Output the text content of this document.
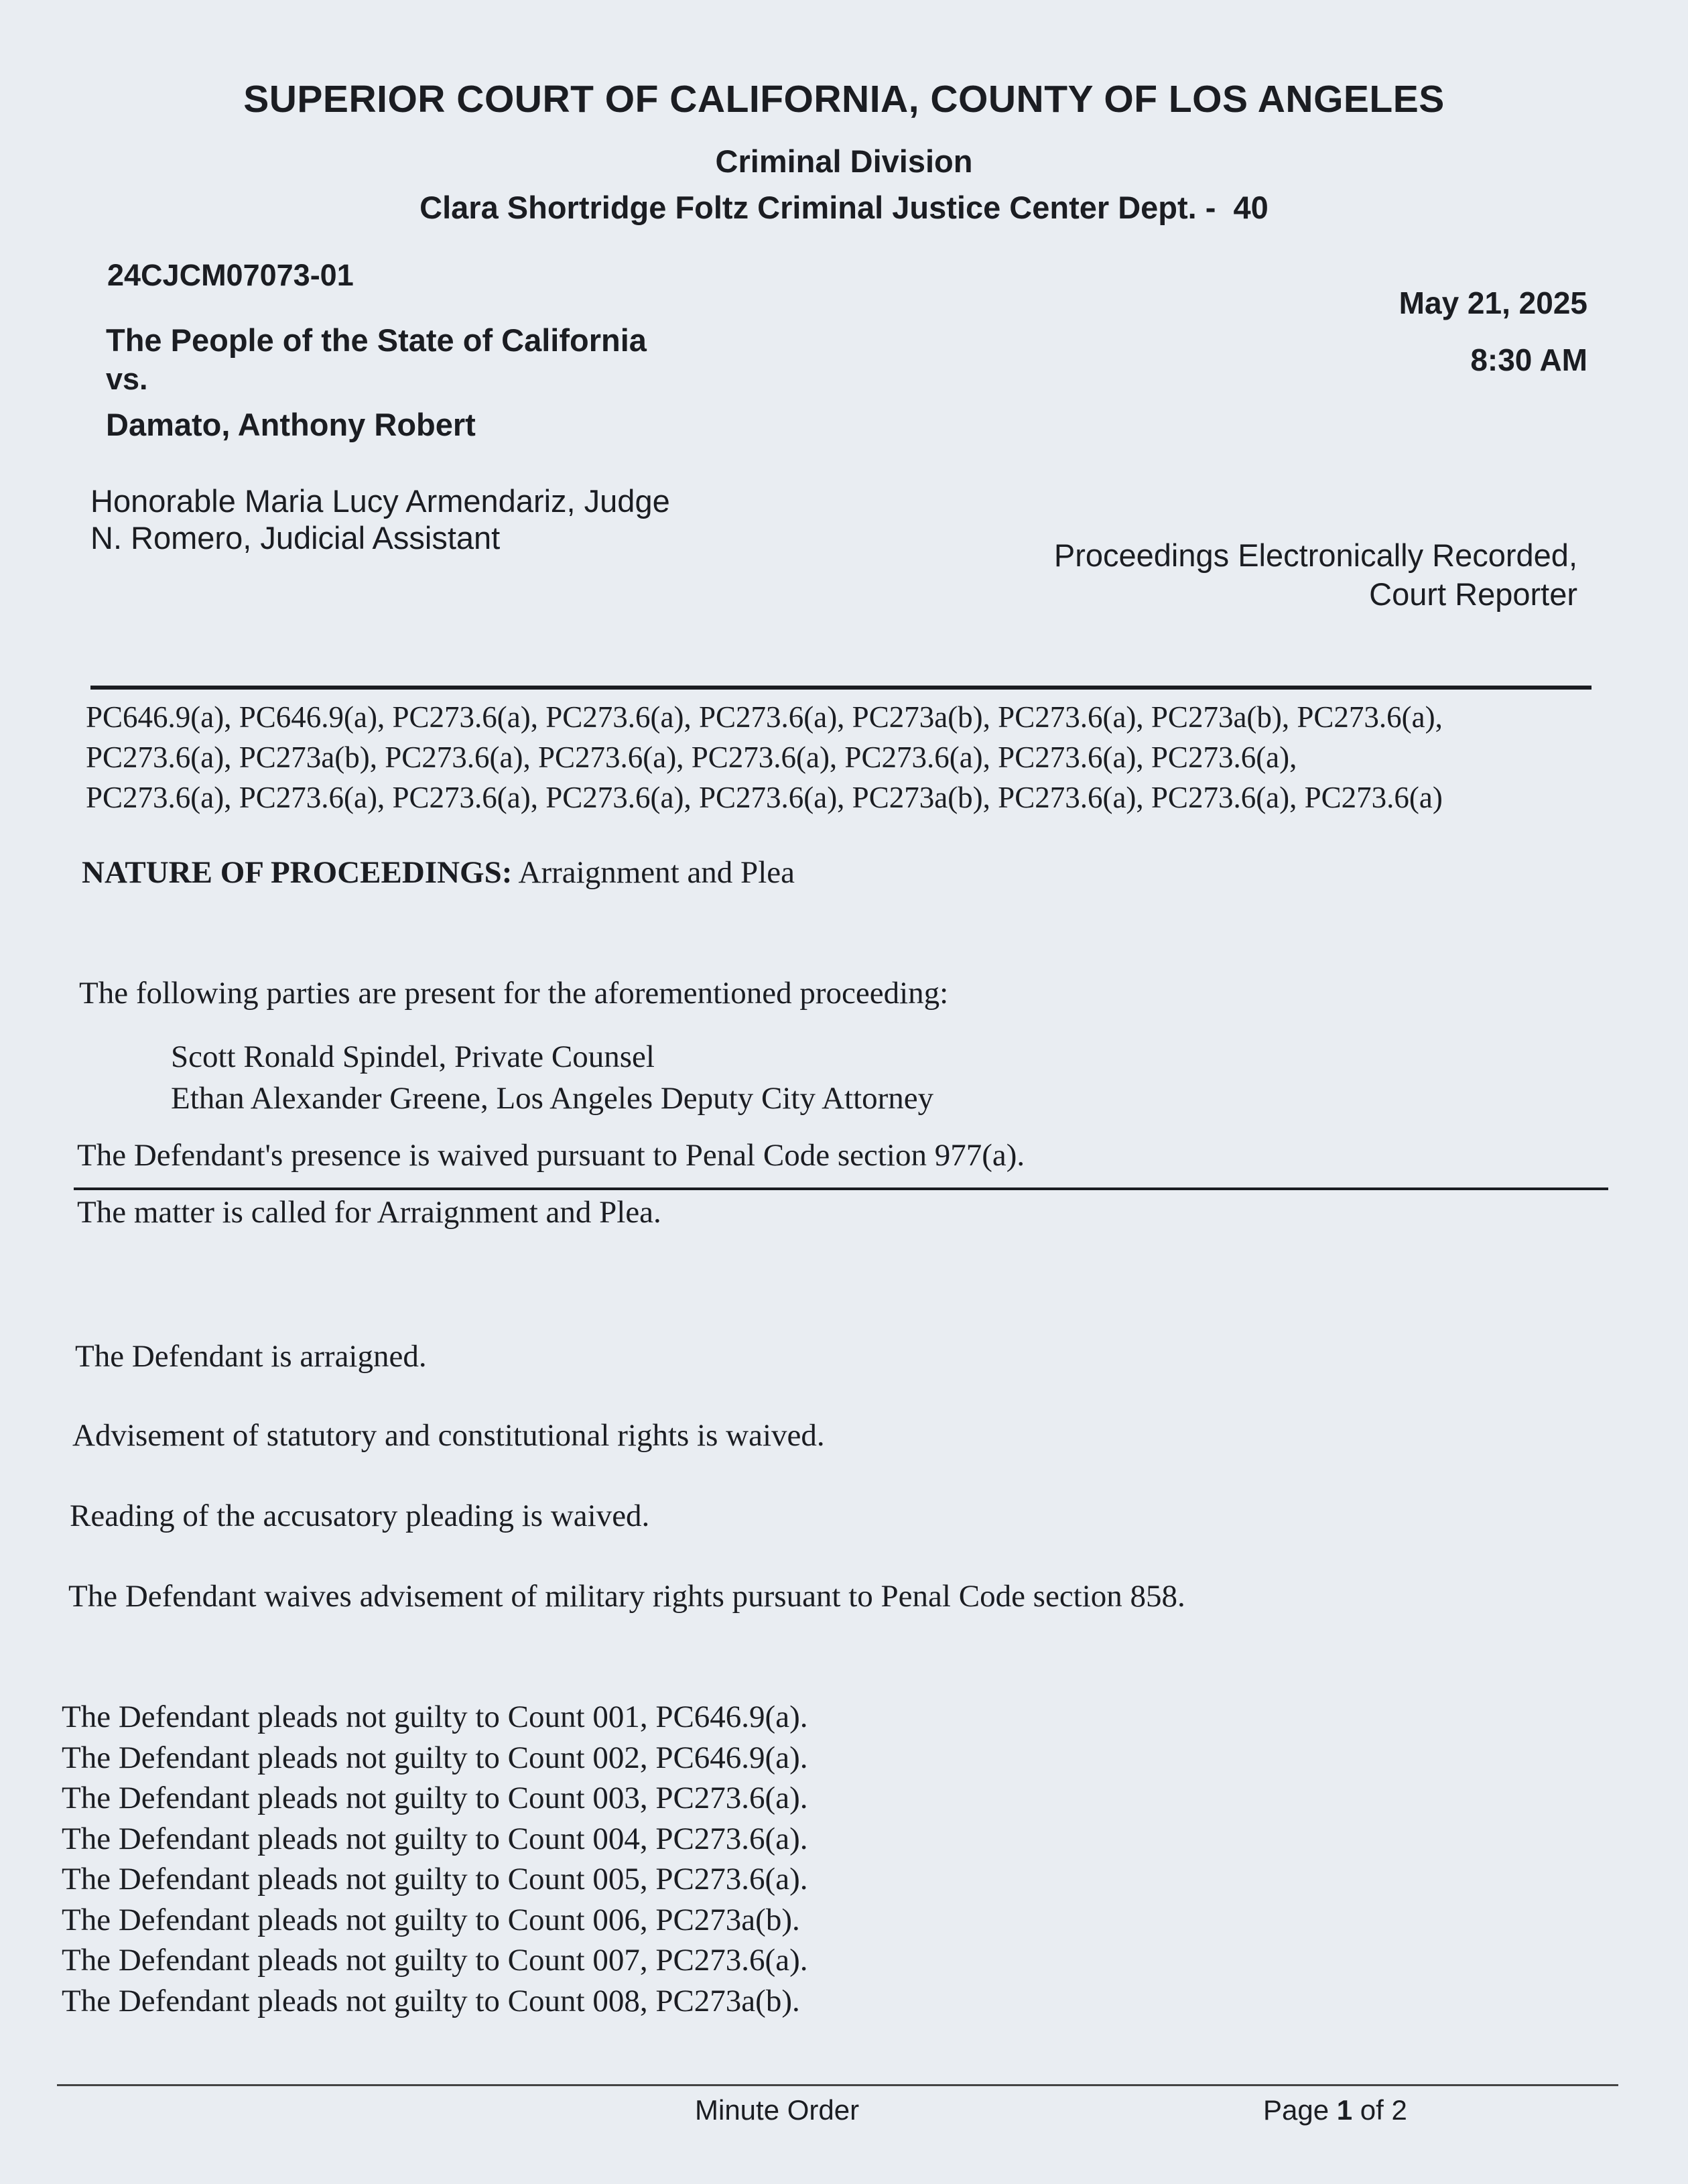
SUPERIOR COURT OF CALIFORNIA, COUNTY OF LOS ANGELES
Criminal Division
Clara Shortridge Foltz Criminal Justice Center Dept. -  40
24CJCM07073-01
The People of the State of California
vs.
Damato, Anthony Robert
May 21, 2025
8:30 AM
Honorable Maria Lucy Armendariz, Judge
N. Romero, Judicial Assistant	Proceedings Electronically Recorded,
Court Reporter
PC646.9(a), PC646.9(a), PC273.6(a), PC273.6(a), PC273.6(a), PC273a(b), PC273.6(a), PC273a(b), PC273.6(a),
PC273.6(a), PC273a(b), PC273.6(a), PC273.6(a), PC273.6(a), PC273.6(a), PC273.6(a), PC273.6(a),
PC273.6(a), PC273.6(a), PC273.6(a), PC273.6(a), PC273.6(a), PC273a(b), PC273.6(a), PC273.6(a), PC273.6(a)
NATURE OF PROCEEDINGS: Arraignment and Plea
The following parties are present for the aforementioned proceeding:
Scott Ronald Spindel, Private Counsel
Ethan Alexander Greene, Los Angeles Deputy City Attorney
The Defendant's presence is waived pursuant to Penal Code section 977(a).
The matter is called for Arraignment and Plea.
The Defendant is arraigned.
Advisement of statutory and constitutional rights is waived.
Reading of the accusatory pleading is waived.
The Defendant waives advisement of military rights pursuant to Penal Code section 858.
The Defendant pleads not guilty to Count 001, PC646.9(a).
The Defendant pleads not guilty to Count 002, PC646.9(a).
The Defendant pleads not guilty to Count 003, PC273.6(a).
The Defendant pleads not guilty to Count 004, PC273.6(a).
The Defendant pleads not guilty to Count 005, PC273.6(a).
The Defendant pleads not guilty to Count 006, PC273a(b).
The Defendant pleads not guilty to Count 007, PC273.6(a).
The Defendant pleads not guilty to Count 008, PC273a(b).
Minute Order	Page 1 of 2
